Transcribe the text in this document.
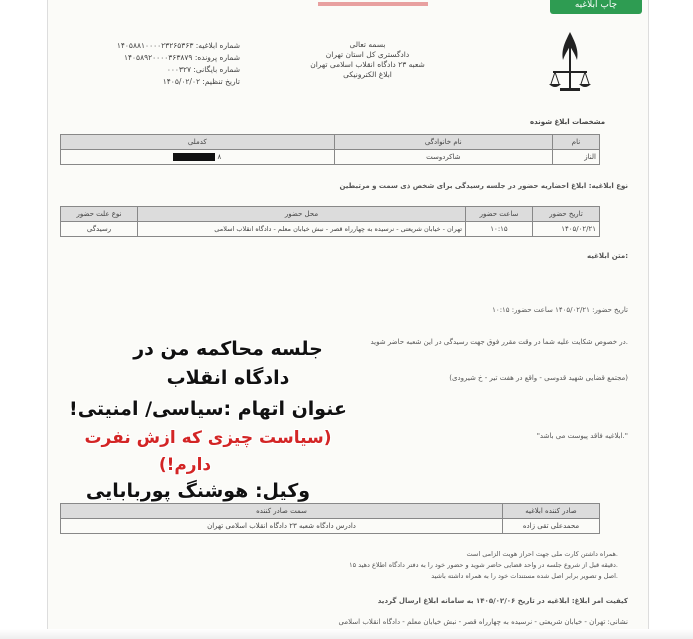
چاپ ابلاغیه
شماره ابلاغیه: ۱۴۰۵۸۸۱۰۰۰۰۲۳۲۶۵۳۶۳
شماره پرونده: ۱۴۰۵۸۹۲۰۰۰۰۳۶۳۸۷۹
شماره بایگانی: ۰۰۰۳۲۷
تاریخ تنظیم: ۱۴۰۵/۰۲/۰۲
بسمه تعالی
دادگستری کل استان تهران
شعبه ۲۳ دادگاه انقلاب اسلامی تهران
ابلاغ الکترونیکی
مشخصات ابلاغ شونده
نام	نام خانوادگی	کدملی
الناز	شاکردوست	۸
نوع ابلاغیه: ابلاغ احضاریه حضور در جلسه رسیدگی برای شخص ذی سمت و مرتبطین
تاریخ حضور	ساعت حضور	محل حضور	نوع علت حضور
۱۴۰۵/۰۲/۲۱	۱۰:۱۵	تهران - خیابان شریعتی - نرسیده به چهارراه قصر - نبش خیابان معلم - دادگاه انقلاب اسلامی	رسیدگی
متن ابلاغیه:
تاریخ حضور: ۱۴۰۵/۰۲/۲۱ ساعت حضور: ۱۰:۱۵
در خصوص شکایت علیه شما در وقت مقرر فوق جهت رسیدگی در این شعبه حاضر شوید.
(مجتمع قضایی شهید قدوسی - واقع در هفت تیر - خ شیرودی)
"ابلاغیه فاقد پیوست می باشد."
صادر کننده ابلاغیه	سمت صادر کننده
محمدعلی تقی زاده	دادرس دادگاه شعبه ۲۳ دادگاه انقلاب اسلامی تهران
همراه داشتن کارت ملی جهت احراز هویت الزامی است.
۱۵ دقیقه قبل از شروع جلسه در واحد قضایی حاضر شوید و حضور خود را به دفتر دادگاه اطلاع دهید.
اصل و تصویر برابر اصل شده مستندات خود را به همراه داشته باشید.
کیفیت امر ابلاغ: ابلاغیه در تاریخ ۱۴۰۵/۰۲/۰۶ به سامانه ابلاغ ارسال گردید
نشانی: تهران - خیابان شریعتی - نرسیده به چهارراه قصر - نبش خیابان معلم - دادگاه انقلاب اسلامی
جلسه محاکمه من در
دادگاه انقلاب
عنوان اتهام :سیاسی/ امنیتی!
(سیاست چیزی که ازش نفرت
دارم!)
وکیل: هوشنگ پوربابایی
